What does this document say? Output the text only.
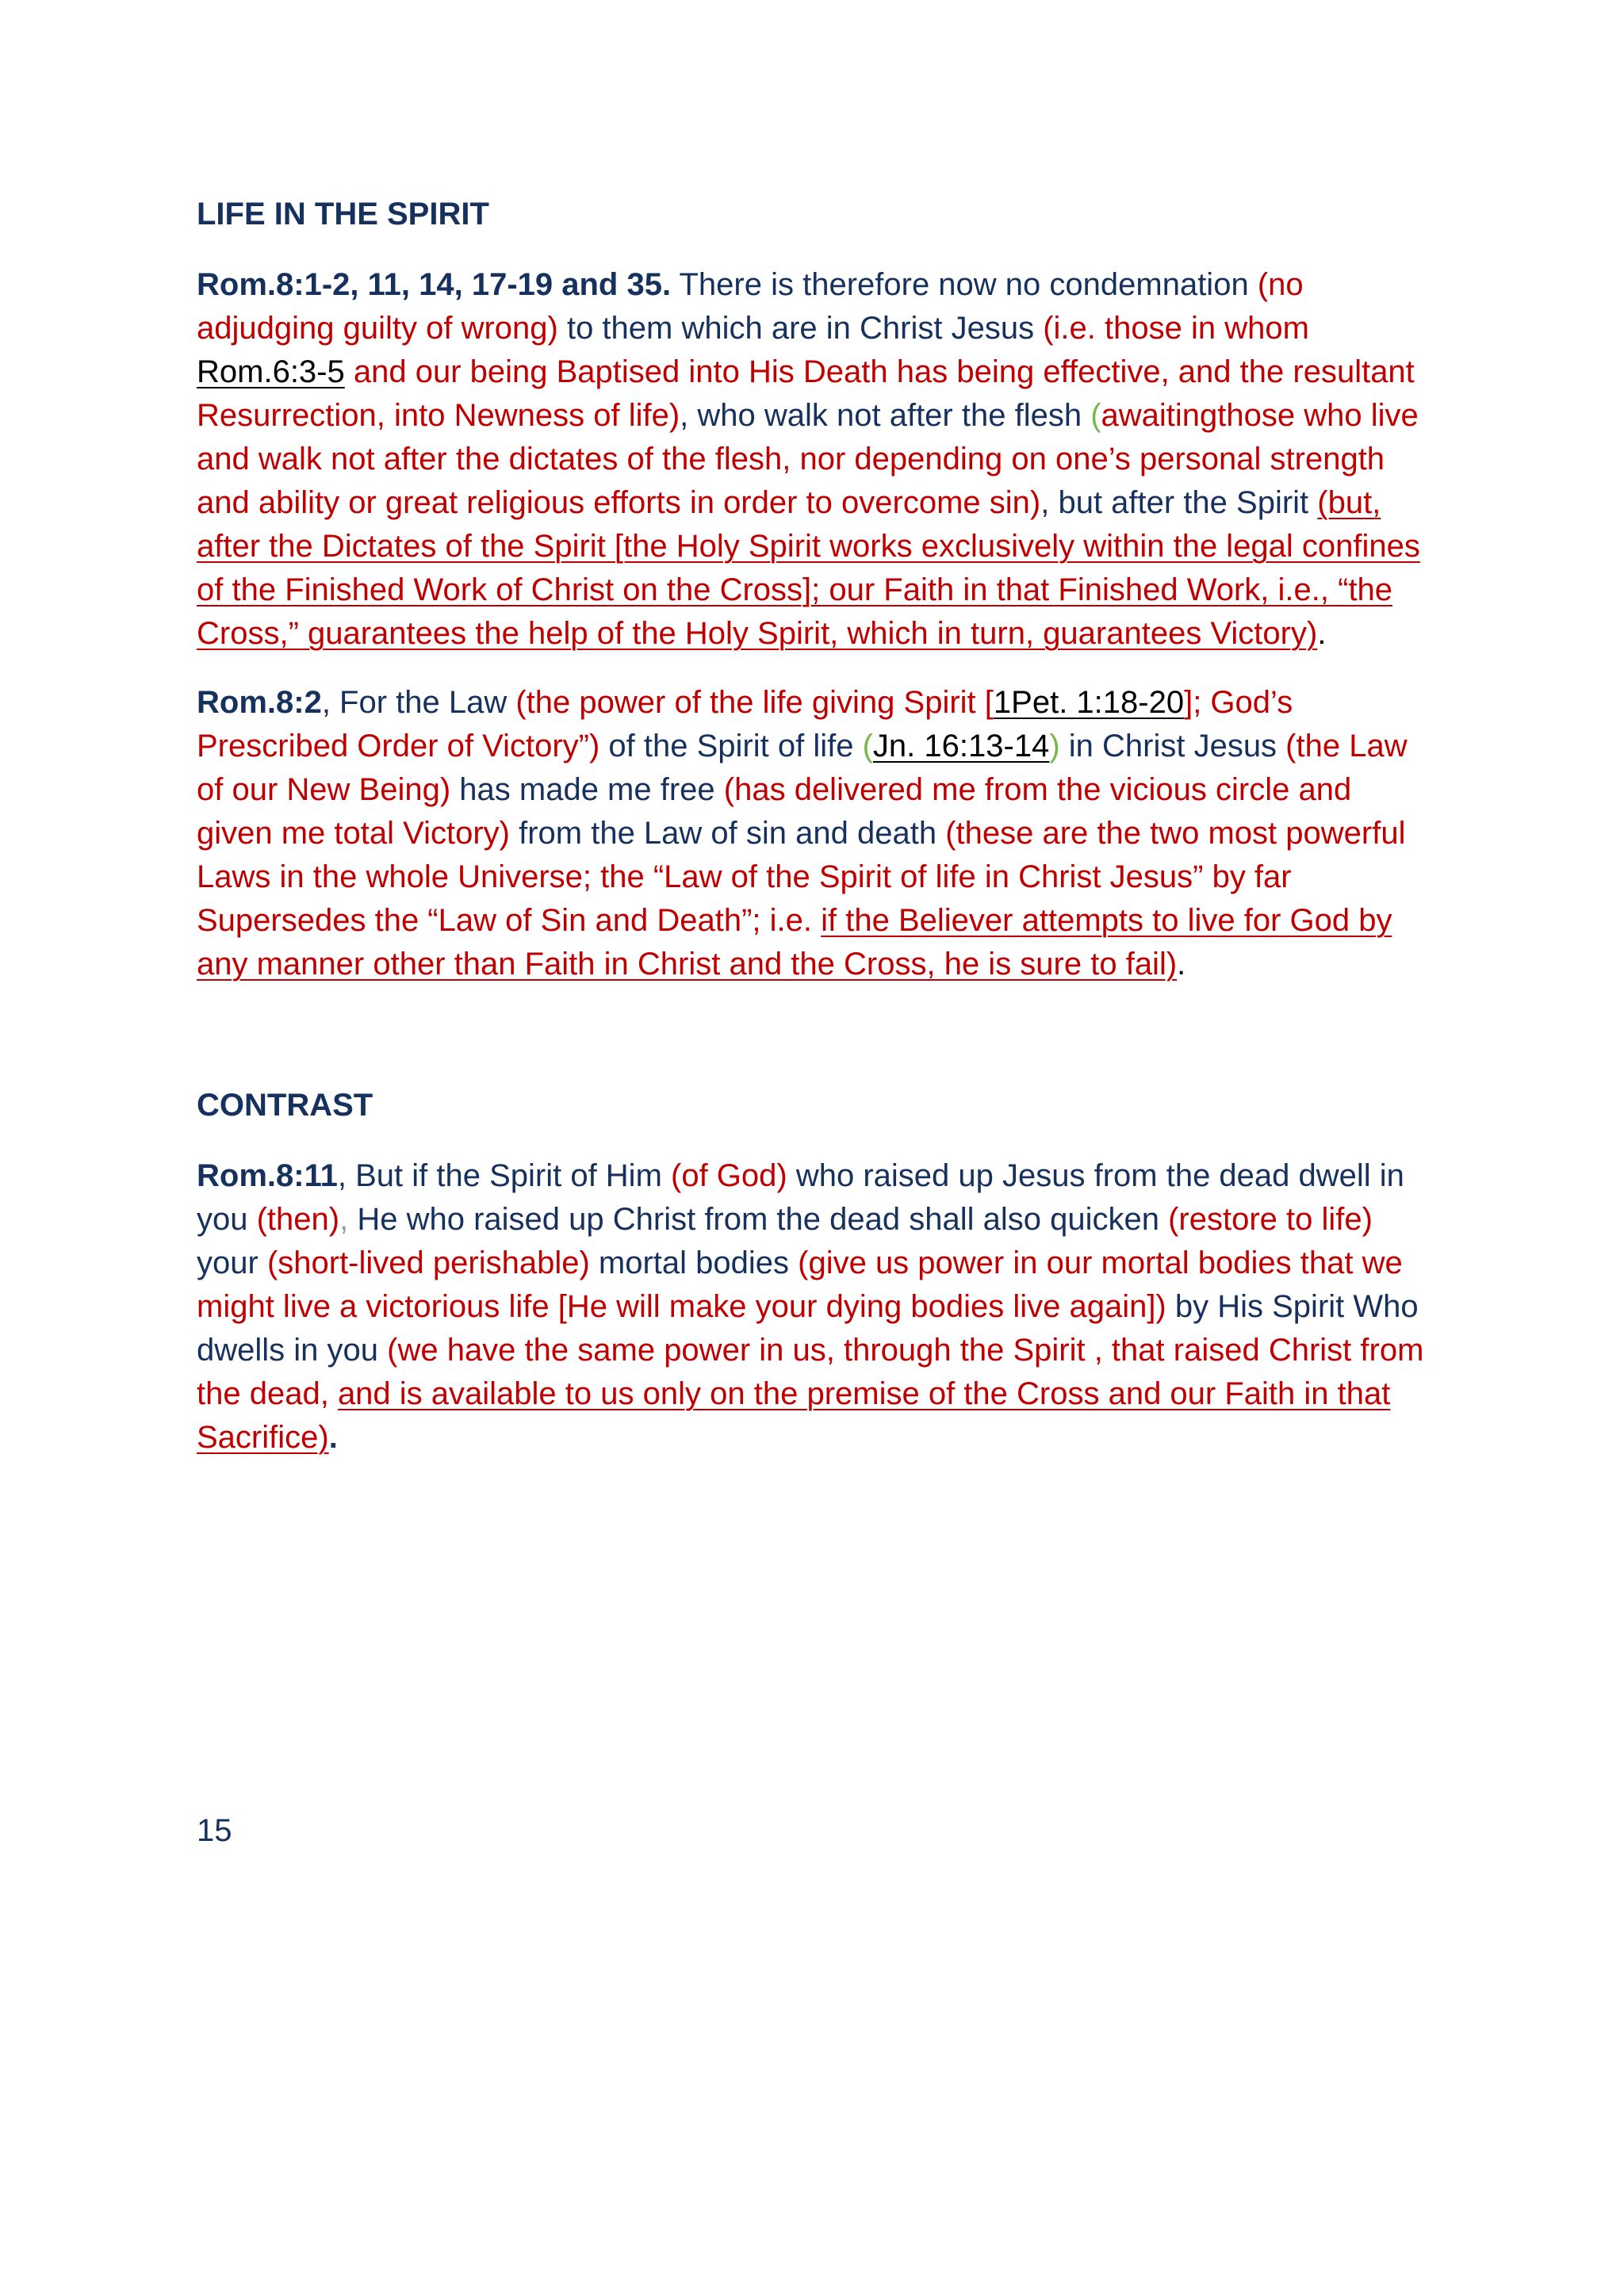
LIFE IN THE SPIRIT
Rom.8:1-2, 11, 14, 17-19 and 35. There is therefore now no condemnation (no adjudging guilty of wrong) to them which are in Christ Jesus (i.e. those in whom Rom.6:3-5 and our being Baptised into His Death has being effective, and the resultant Resurrection, into Newness of life), who walk not after the flesh (awaitingthose who live and walk not after the dictates of the flesh, nor depending on one’s personal strength and ability or great religious efforts in order to overcome sin), but after the Spirit (but, after the Dictates of the Spirit [the Holy Spirit works exclusively within the legal confines of the Finished Work of Christ on the Cross]; our Faith in that Finished Work, i.e., “the Cross,” guarantees the help of the Holy Spirit, which in turn, guarantees Victory).
Rom.8:2, For the Law (the power of the life giving Spirit [1Pet. 1:18-20]; God’s Prescribed Order of Victory”) of the Spirit of life (Jn. 16:13-14) in Christ Jesus (the Law of our New Being) has made me free (has delivered me from the vicious circle and given me total Victory) from the Law of sin and death (these are the two most powerful Laws in the whole Universe; the “Law of the Spirit of life in Christ Jesus” by far Supersedes the “Law of Sin and Death”; i.e. if the Believer attempts to live for God by any manner other than Faith in Christ and the Cross, he is sure to fail).
CONTRAST
Rom.8:11, But if the Spirit of Him (of God) who raised up Jesus from the dead dwell in you (then), He who raised up Christ from the dead shall also quicken (restore to life) your (short-lived perishable) mortal bodies (give us power in our mortal bodies that we might live a victorious life [He will make your dying bodies live again]) by His Spirit Who dwells in you (we have the same power in us, through the Spirit , that raised Christ from the dead, and is available to us only on the premise of the Cross and our Faith in that Sacrifice).
15
